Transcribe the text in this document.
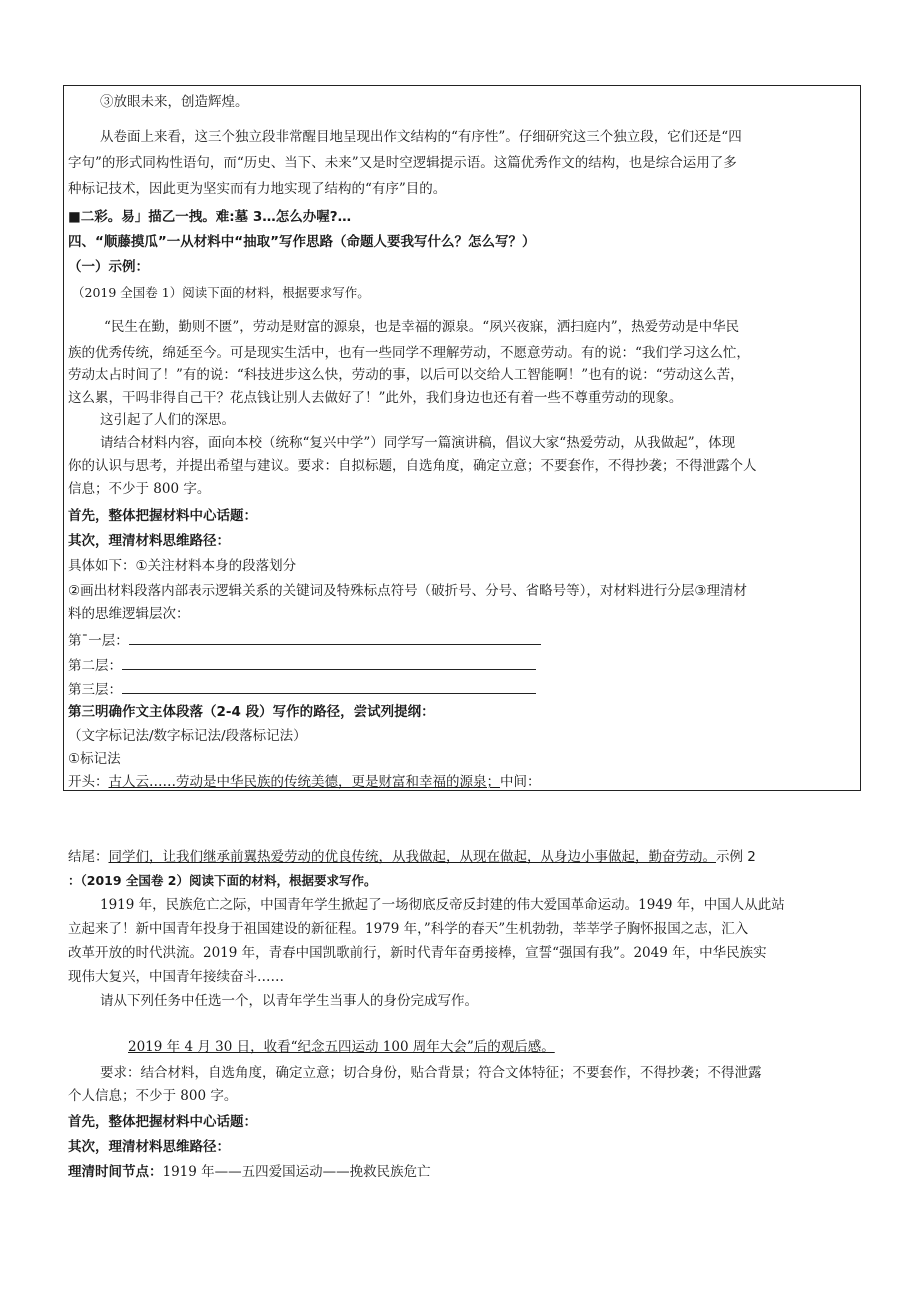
③放眼未来，创造辉煌。
从卷面上来看，这三个独立段非常醒目地呈现出作文结构的“有序性”。仔细研究这三个独立段，它们还是“四
字句”的形式同构性语句，而“历史、当下、未来”又是时空逻辑提示语。这篇优秀作文的结构，也是综合运用了多
种标记技术，因此更为坚实而有力地实现了结构的“有序”目的。
■二彩。易」描乙一拽。难:墓 3…怎么办喔?…
四、“顺藤摸瓜”一从材料中“抽取”写作思路（命题人要我写什么？怎么写？）
（一）示例：
（2019 全国卷 1）阅读下面的材料，根据要求写作。
“民生在勤，勤则不匮”，劳动是财富的源泉，也是幸福的源泉。“夙兴夜寐，洒扫庭内”，热爱劳动是中华民
族的优秀传统，绵延至今。可是现实生活中，也有一些同学不理解劳动，不愿意劳动。有的说：“我们学习这么忙，
劳动太占时间了！”有的说：“科技进步这么快，劳动的事，以后可以交给人工智能啊！”也有的说：“劳动这么苦，
这么累，干吗非得自己干？花点钱让别人去做好了！”此外，我们身边也还有着一些不尊重劳动的现象。
这引起了人们的深思。
请结合材料内容，面向本校（统称“复兴中学”）同学写一篇演讲稿，倡议大家“热爱劳动，从我做起”，体现
你的认识与思考，并提出希望与建议。要求：自拟标题，自选角度，确定立意；不要套作，不得抄袭；不得泄露个人
信息；不少于 800 字。
首先，整体把握材料中心话题：
其次，理清材料思维路径：
具体如下：①关注材料本身的段落划分
②画出材料段落内部表示逻辑关系的关键词及特殊标点符号（破折号、分号、省略号等），对材料进行分层③理清材
料的思维逻辑层次：
第ˉ一层：
第二层：
第三层：
第三明确作文主体段落（2-4 段）写作的路径，尝试列提纲：
（文字标记法/数字标记法/段落标记法）
①标记法
开头：古人云……劳动是中华民族的传统美德，更是财富和幸福的源泉；中间：
结尾：同学们，让我们继承前翼热爱劳动的优良传统，从我做起，从现在做起，从身边小事做起，勤奋劳动。示例 2
：（2019 全国卷 2）阅读下面的材料，根据要求写作。
1919 年，民族危亡之际，中国青年学生掀起了一场彻底反帝反封建的伟大爱国革命运动。1949 年，中国人从此站
立起来了！新中国青年投身于祖国建设的新征程。1979 年，”科学的春天”生机勃勃，莘莘学子胸怀报国之志，汇入
改革开放的时代洪流。2019 年，青春中国凯歌前行，新时代青年奋勇接棒，宣誓“强国有我”。2049 年，中华民族实
现伟大复兴，中国青年接续奋斗……
请从下列任务中任选一个，以青年学生当事人的身份完成写作。
2019 年 4 月 30 日，收看“纪念五四运动 100 周年大会”后的观后感。
要求：结合材料，自选角度，确定立意；切合身份，贴合背景；符合文体特征；不要套作，不得抄袭；不得泄露
个人信息；不少于 800 字。
首先，整体把握材料中心话题：
其次，理清材料思维路径：
理清时间节点：1919 年——五四爱国运动——挽救民族危亡
